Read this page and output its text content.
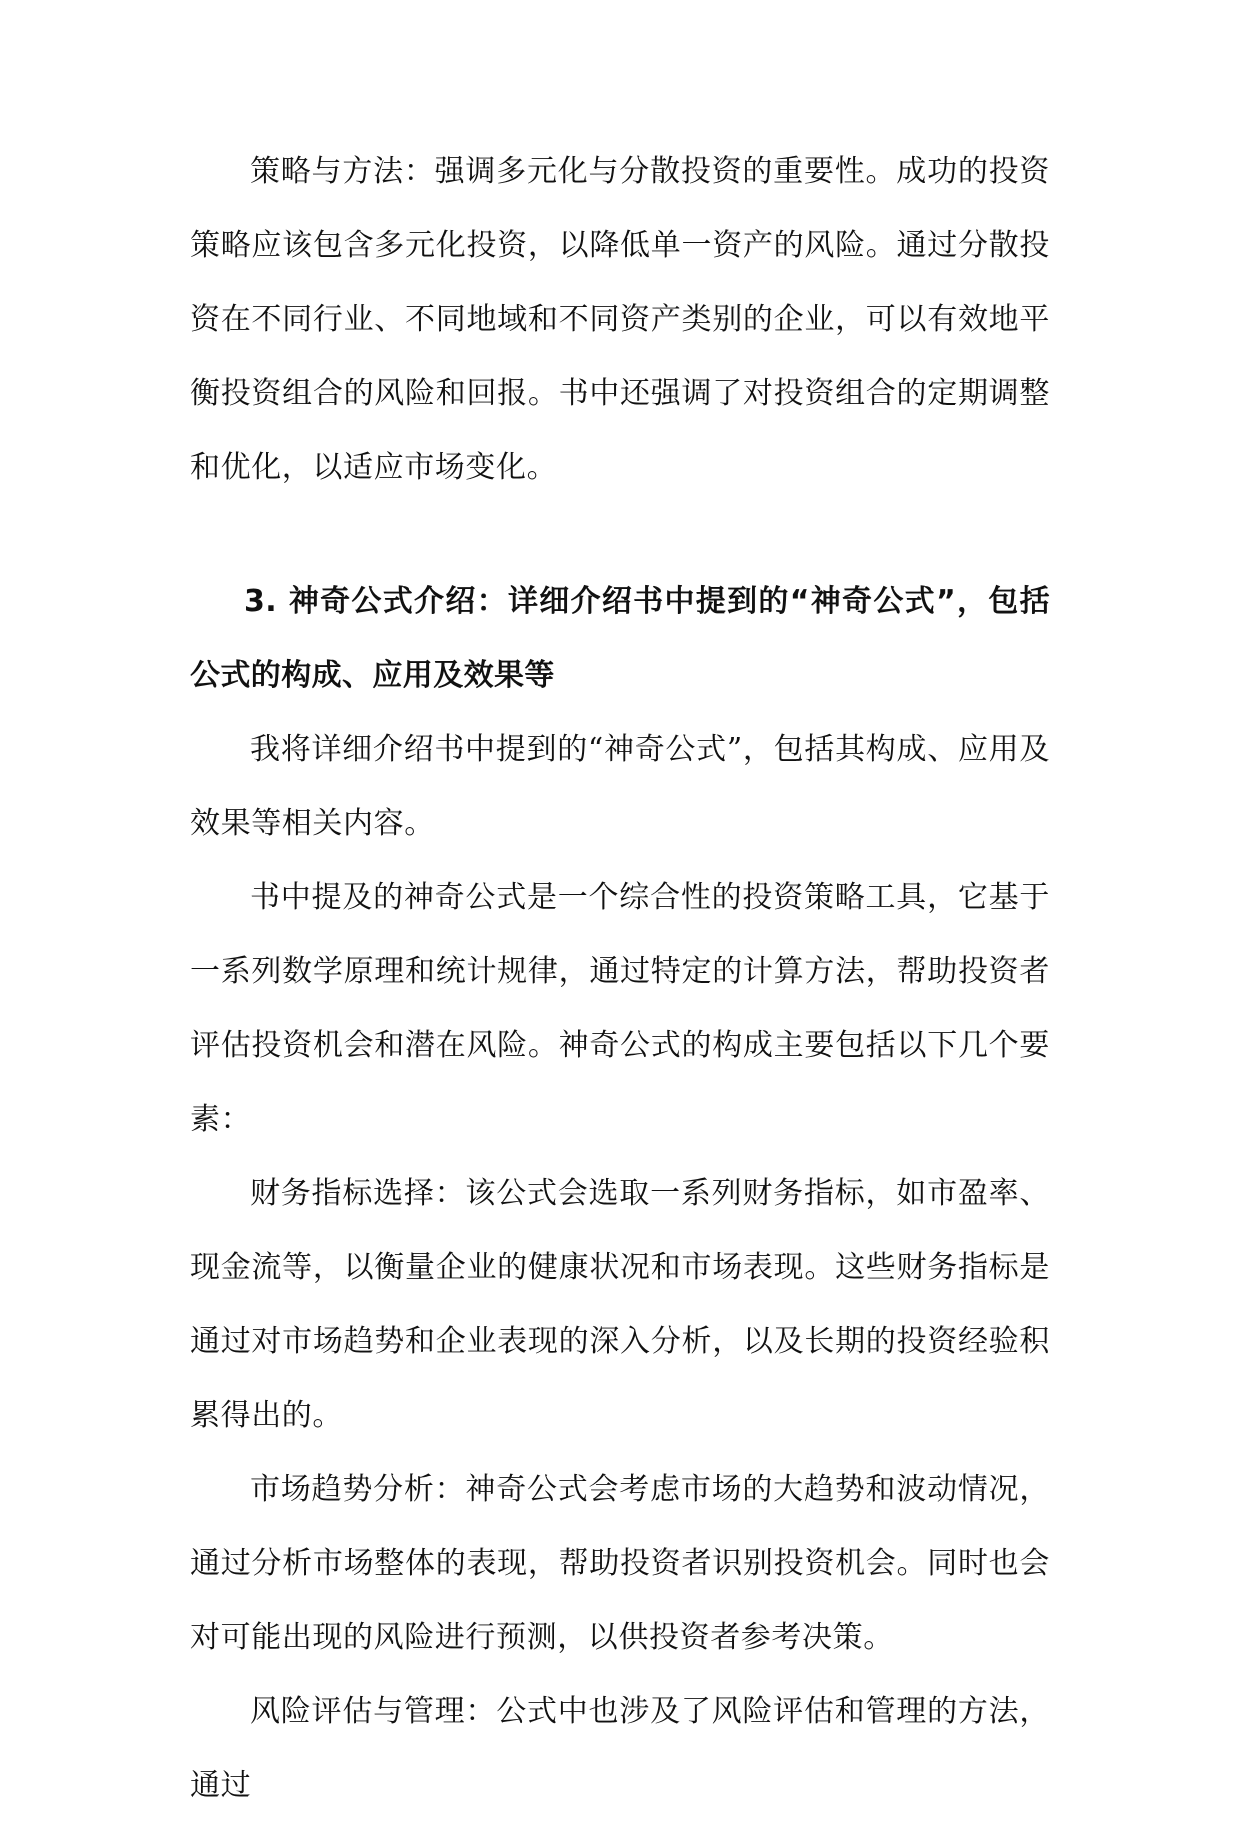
策略与方法：强调多元化与分散投资的重要性。成功的投资策略应该包含多元化投资，以降低单一资产的风险。通过分散投资在不同行业、不同地域和不同资产类别的企业，可以有效地平衡投资组合的风险和回报。书中还强调了对投资组合的定期调整和优化，以适应市场变化。

3. 神奇公式介绍：详细介绍书中提到的“神奇公式”，包括公式的构成、应用及效果等

我将详细介绍书中提到的“神奇公式”，包括其构成、应用及效果等相关内容。

书中提及的神奇公式是一个综合性的投资策略工具，它基于一系列数学原理和统计规律，通过特定的计算方法，帮助投资者评估投资机会和潜在风险。神奇公式的构成主要包括以下几个要素：

财务指标选择：该公式会选取一系列财务指标，如市盈率、现金流等，以衡量企业的健康状况和市场表现。这些财务指标是通过对市场趋势和企业表现的深入分析，以及长期的投资经验积累得出的。

市场趋势分析：神奇公式会考虑市场的大趋势和波动情况，通过分析市场整体的表现，帮助投资者识别投资机会。同时也会对可能出现的风险进行预测，以供投资者参考决策。

风险评估与管理：公式中也涉及了风险评估和管理的方法，通过
